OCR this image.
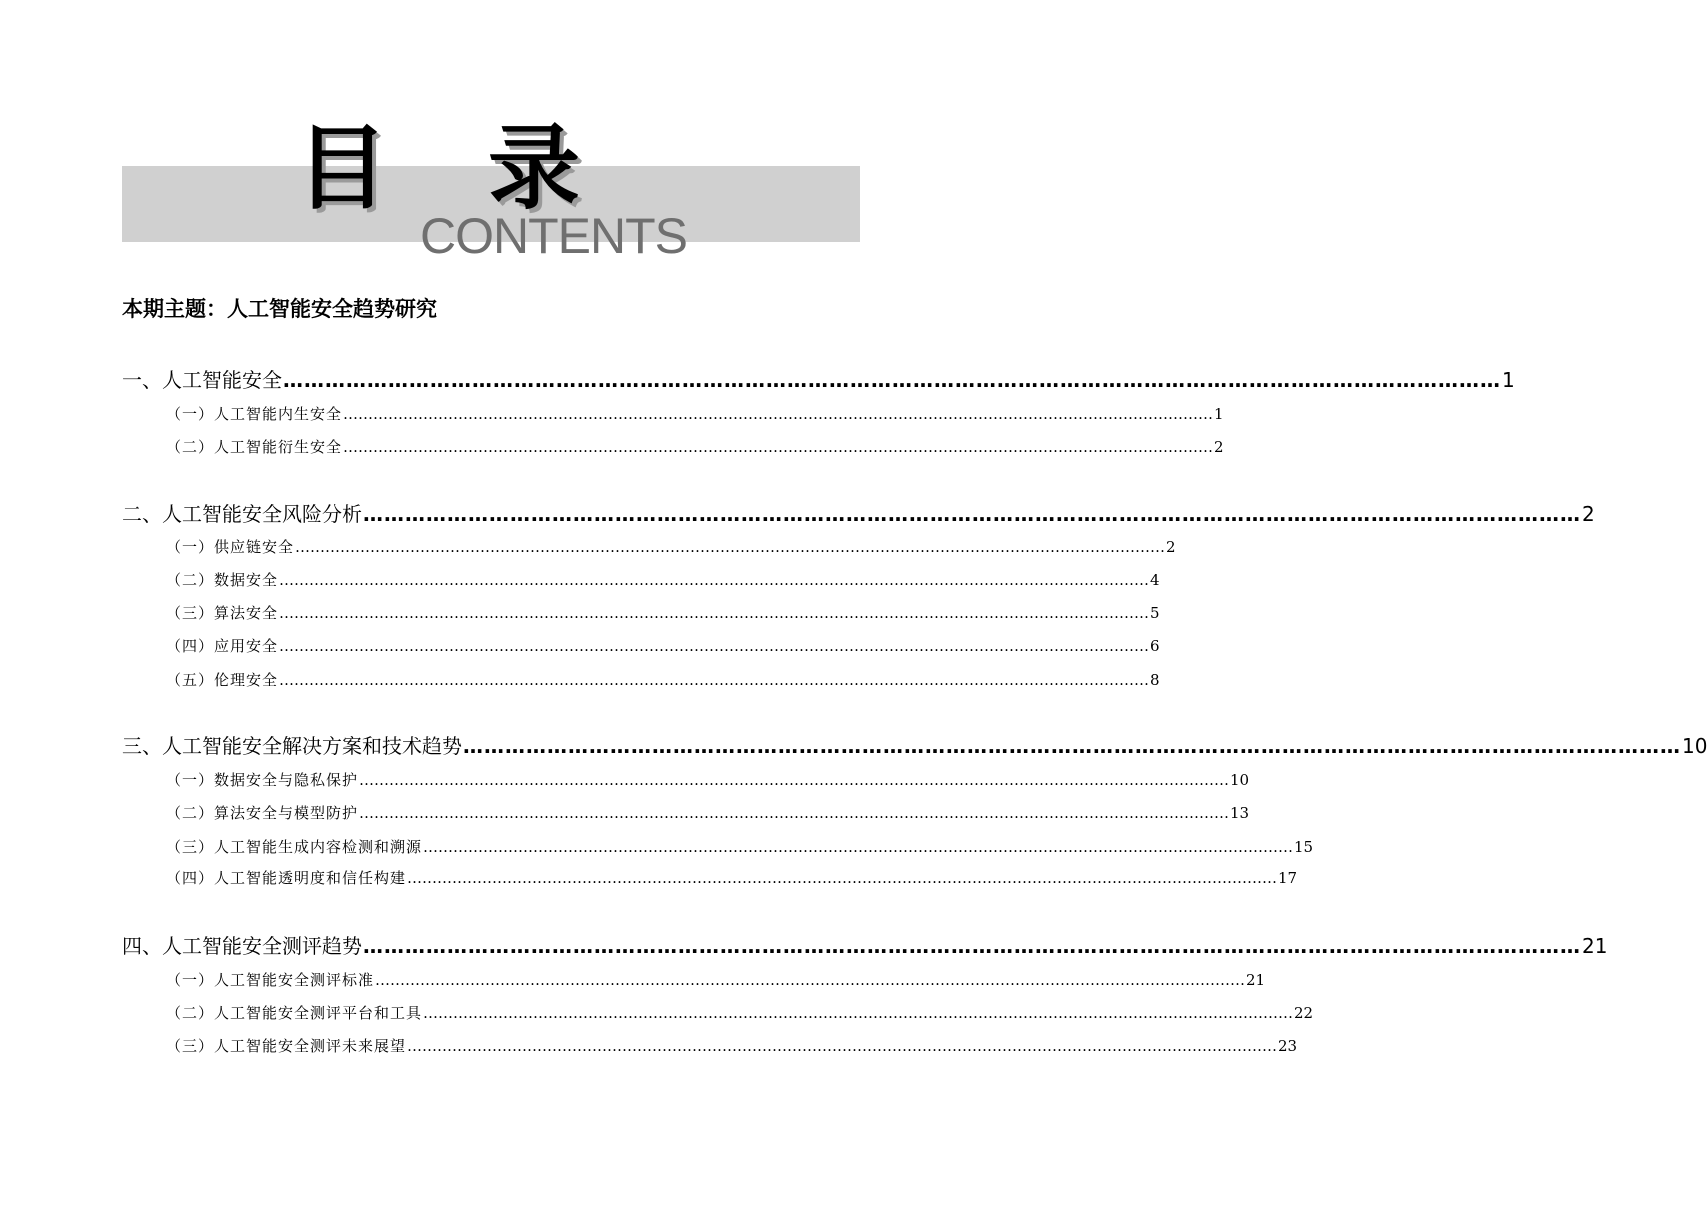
目 录
CONTENTS
本期主题：人工智能安全趋势研究
一、人工智能安全 ………………………………………………………………………………………………………………………………………………………… 1
（一）人工智能内生安全 ………………………………………………………………………………………………………………………………………………………… 1
（二）人工智能衍生安全 ………………………………………………………………………………………………………………………………………………………… 2
二、人工智能安全风险分析 ………………………………………………………………………………………………………………………………………………………… 2
（一）供应链安全 ………………………………………………………………………………………………………………………………………………………… 2
（二）数据安全 ………………………………………………………………………………………………………………………………………………………… 4
（三）算法安全 ………………………………………………………………………………………………………………………………………………………… 5
（四）应用安全 ………………………………………………………………………………………………………………………………………………………… 6
（五）伦理安全 ………………………………………………………………………………………………………………………………………………………… 8
三、人工智能安全解决方案和技术趋势 ………………………………………………………………………………………………………………………………………………………… 10
（一）数据安全与隐私保护 ………………………………………………………………………………………………………………………………………………………… 10
（二）算法安全与模型防护 ………………………………………………………………………………………………………………………………………………………… 13
（三）人工智能生成内容检测和溯源 ………………………………………………………………………………………………………………………………………………………… 15
（四）人工智能透明度和信任构建 ………………………………………………………………………………………………………………………………………………………… 17
四、人工智能安全测评趋势 ………………………………………………………………………………………………………………………………………………………… 21
（一）人工智能安全测评标准 ………………………………………………………………………………………………………………………………………………………… 21
（二）人工智能安全测评平台和工具 ………………………………………………………………………………………………………………………………………………………… 22
（三）人工智能安全测评未来展望 ………………………………………………………………………………………………………………………………………………………… 23
